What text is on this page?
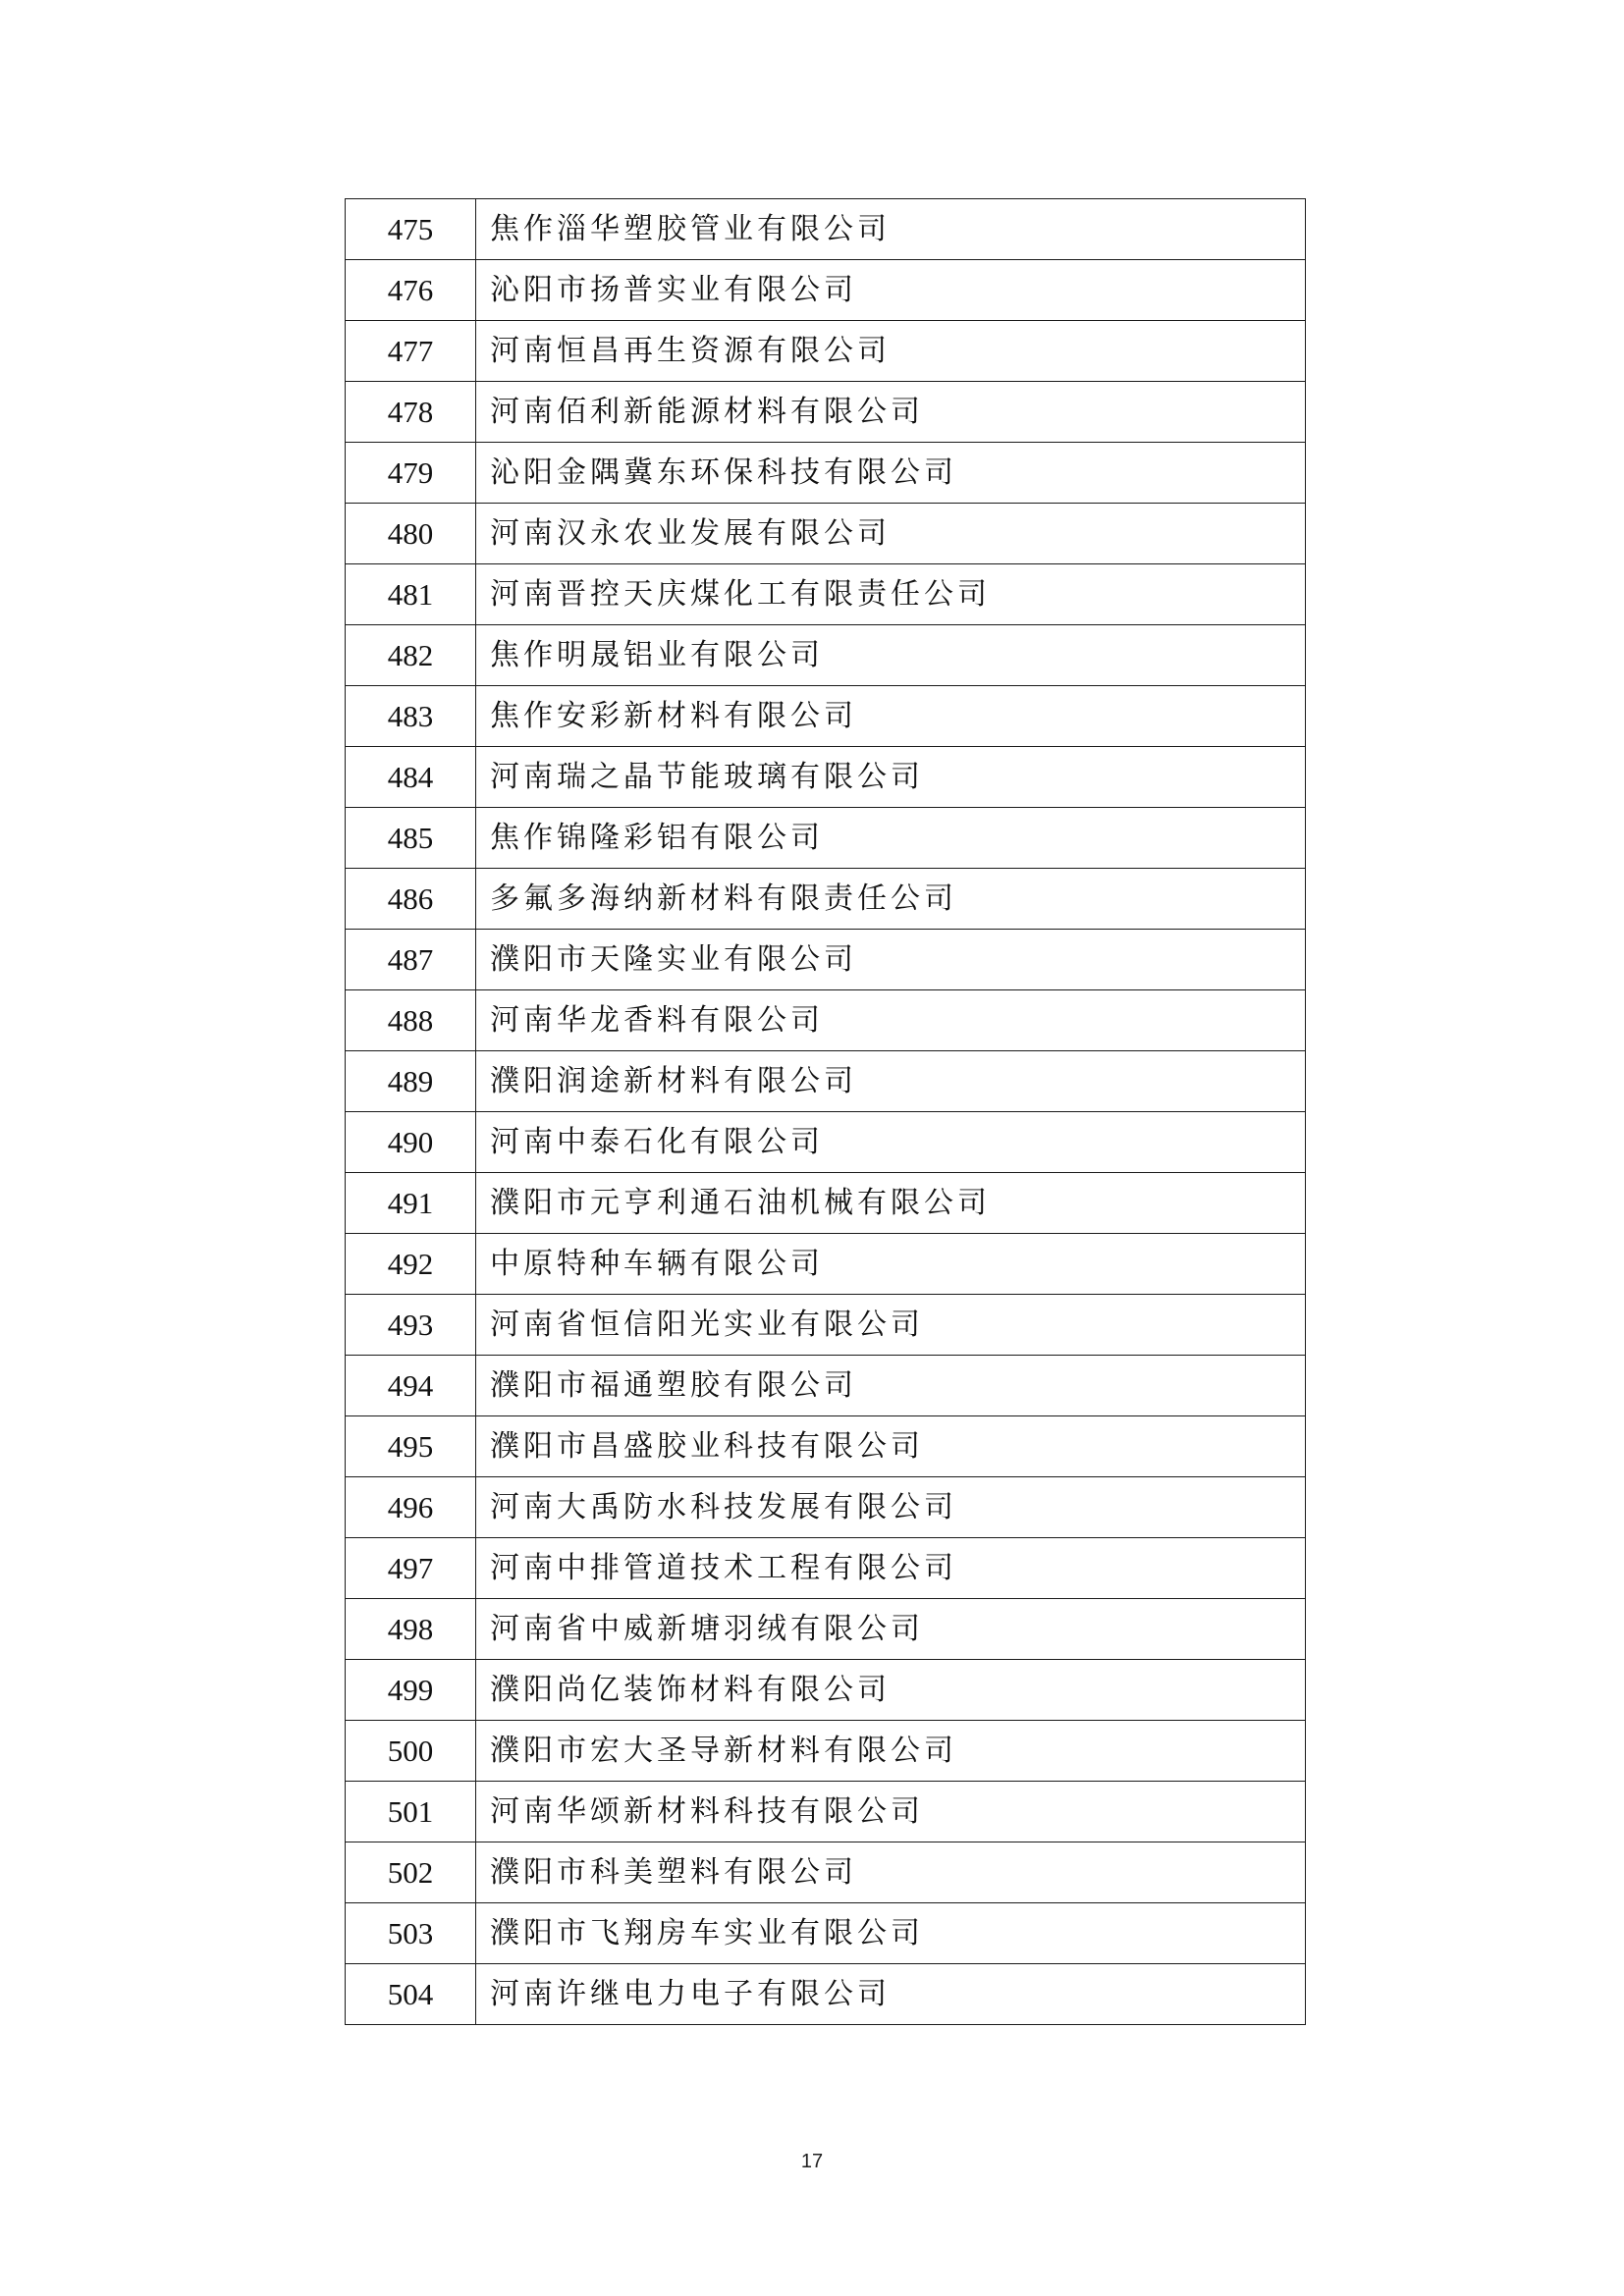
475	焦作淄华塑胶管业有限公司
476	沁阳市扬普实业有限公司
477	河南恒昌再生资源有限公司
478	河南佰利新能源材料有限公司
479	沁阳金隅冀东环保科技有限公司
480	河南汉永农业发展有限公司
481	河南晋控天庆煤化工有限责任公司
482	焦作明晟铝业有限公司
483	焦作安彩新材料有限公司
484	河南瑞之晶节能玻璃有限公司
485	焦作锦隆彩铝有限公司
486	多氟多海纳新材料有限责任公司
487	濮阳市天隆实业有限公司
488	河南华龙香料有限公司
489	濮阳润途新材料有限公司
490	河南中泰石化有限公司
491	濮阳市元亨利通石油机械有限公司
492	中原特种车辆有限公司
493	河南省恒信阳光实业有限公司
494	濮阳市福通塑胶有限公司
495	濮阳市昌盛胶业科技有限公司
496	河南大禹防水科技发展有限公司
497	河南中排管道技术工程有限公司
498	河南省中威新塘羽绒有限公司
499	濮阳尚亿装饰材料有限公司
500	濮阳市宏大圣导新材料有限公司
501	河南华颂新材料科技有限公司
502	濮阳市科美塑料有限公司
503	濮阳市飞翔房车实业有限公司
504	河南许继电力电子有限公司
17
